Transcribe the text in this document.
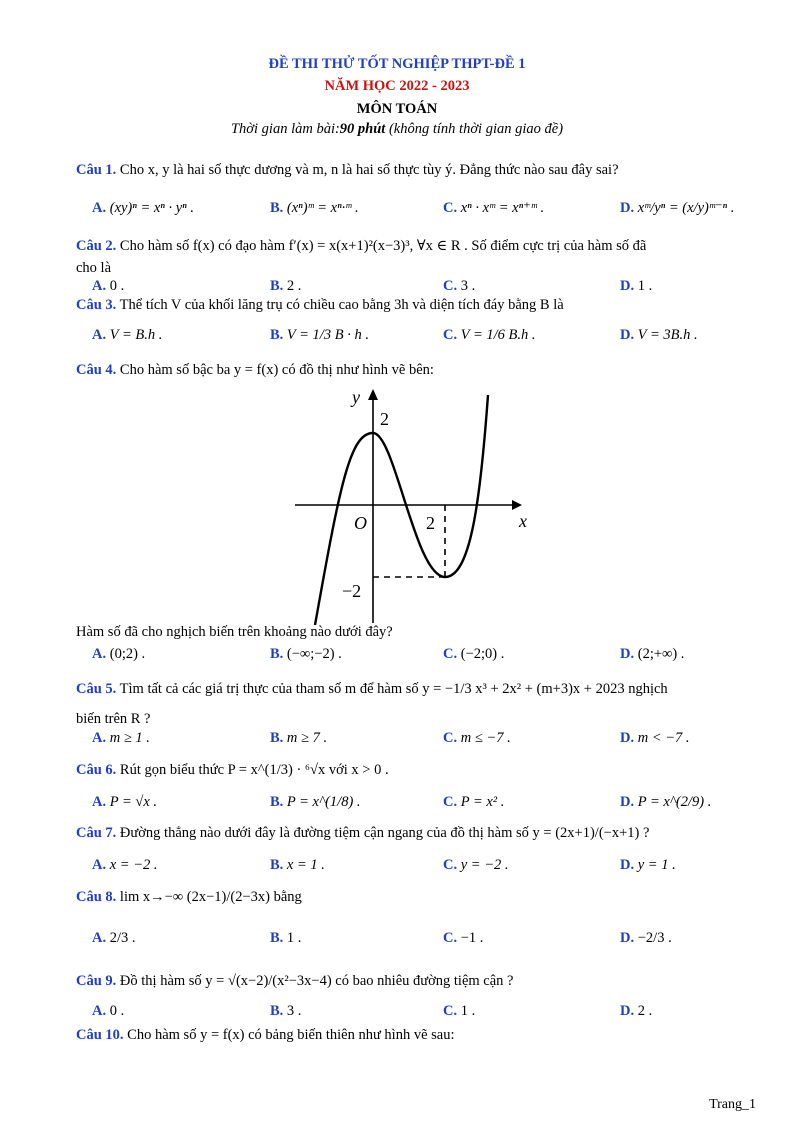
ĐỀ THI THỬ TỐT NGHIỆP THPT-ĐỀ 1
NĂM HỌC 2022 - 2023
MÔN TOÁN
Thời gian làm bài:90 phút (không tính thời gian giao đề)
Câu 1. Cho x, y là hai số thực dương và m, n là hai số thực tùy ý. Đẳng thức nào sau đây sai?
A. (xy)ⁿ = xⁿ · yⁿ .	B. (xⁿ)ᵐ = xⁿ·ᵐ .	C. xⁿ · xᵐ = xⁿ⁺ᵐ .	D. xᵐ/yⁿ = (x/y)ᵐ⁻ⁿ .
Câu 2. Cho hàm số f(x) có đạo hàm f′(x) = x(x+1)²(x−3)³, ∀x ∈ R . Số điểm cực trị của hàm số đã
cho là
A. 0 .	B. 2 .	C. 3 .	D. 1 .
Câu 3. Thể tích V của khối lăng trụ có chiều cao bằng 3h và diện tích đáy bằng B là
A. V = B.h .	B. V = 1/3 B · h .	C. V = 1/6 B.h .	D. V = 3B.h .
Câu 4. Cho hàm số bậc ba y = f(x) có đồ thị như hình vẽ bên:
y
x
O
2
2
−2
Hàm số đã cho nghịch biến trên khoảng nào dưới đây?
A. (0;2) .	B. (−∞;−2) .	C. (−2;0) .	D. (2;+∞) .
Câu 5. Tìm tất cả các giá trị thực của tham số m để hàm số y = −1/3 x³ + 2x² + (m+3)x + 2023 nghịch
biến trên R ?
A. m ≥ 1 .	B. m ≥ 7 .	C. m ≤ −7 .	D. m < −7 .
Câu 6. Rút gọn biểu thức P = x^(1/3) · ⁶√x với x > 0 .
A. P = √x .	B. P = x^(1/8) .	C. P = x² .	D. P = x^(2/9) .
Câu 7. Đường thẳng nào dưới đây là đường tiệm cận ngang của đồ thị hàm số y = (2x+1)/(−x+1) ?
A. x = −2 .	B. x = 1 .	C. y = −2 .	D. y = 1 .
Câu 8. lim x→−∞ (2x−1)/(2−3x) bằng
A. 2/3 .	B. 1 .	C. −1 .	D. −2/3 .
Câu 9. Đồ thị hàm số y = √(x−2)/(x²−3x−4) có bao nhiêu đường tiệm cận ?
A. 0 .	B. 3 .	C. 1 .	D. 2 .
Câu 10. Cho hàm số y = f(x) có bảng biến thiên như hình vẽ sau:
Trang_1
